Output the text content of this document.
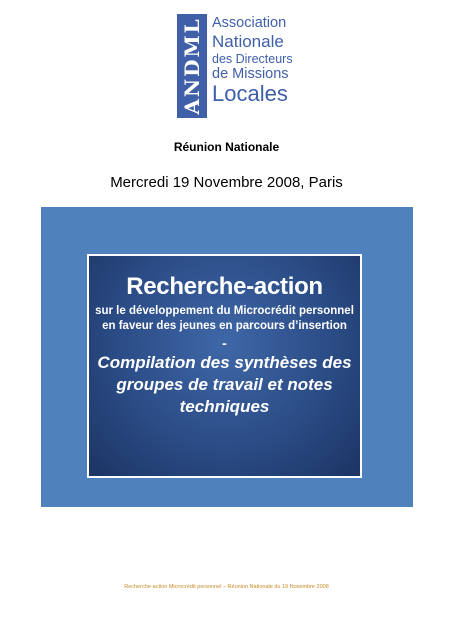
ANDML Association
Nationale
des Directeurs
de Missions
Locales
Réunion Nationale
Mercredi 19 Novembre 2008, Paris
Recherche-action
sur le développement du Microcrédit personnel en faveur des jeunes en parcours d’insertion
-
Compilation des synthèses des groupes de travail et notes techniques
Recherche-action Microcrédit personnel – Réunion Nationale du 19 Novembre 2008
